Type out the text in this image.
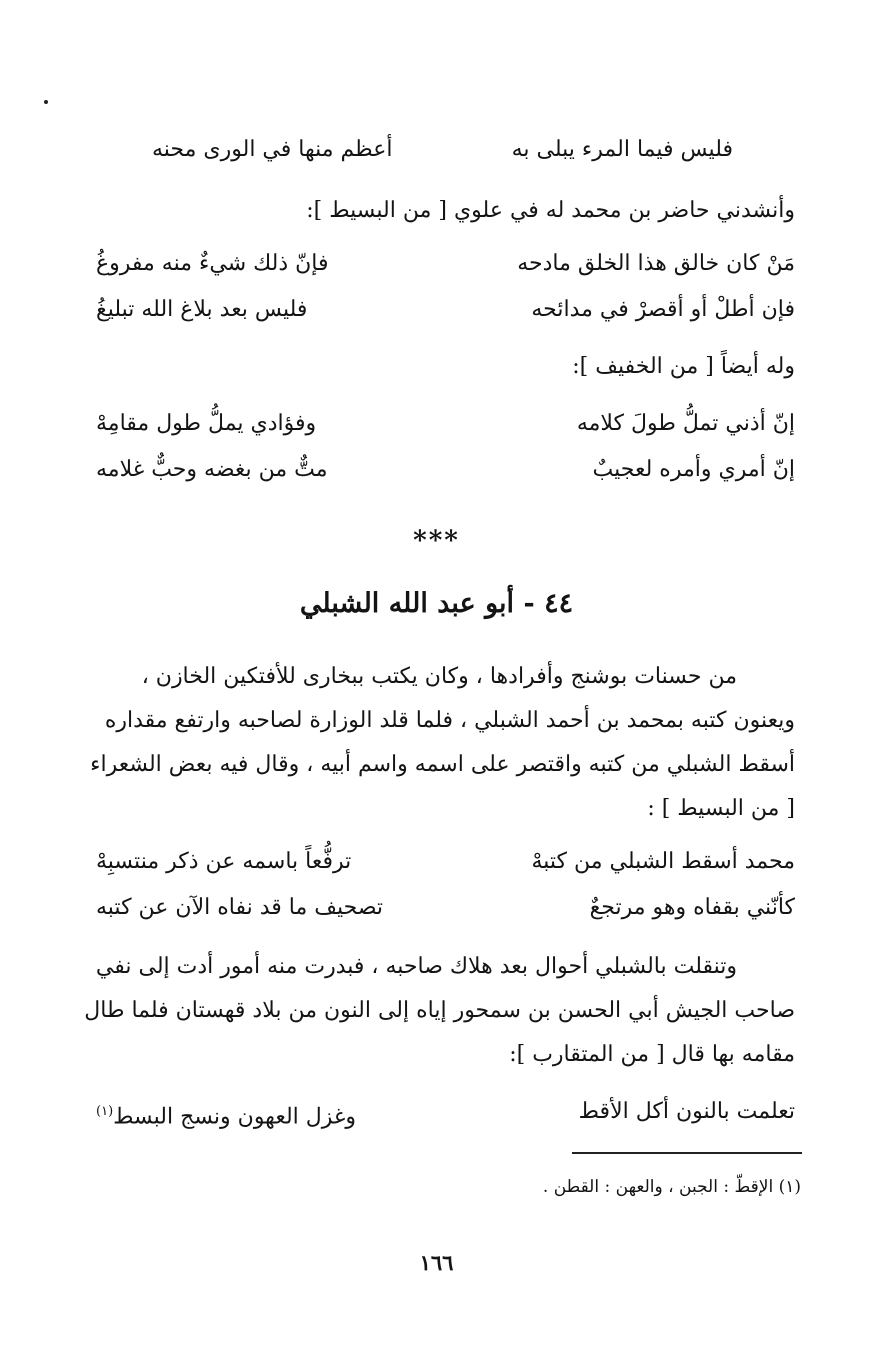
فليس فيما المرء يبلى به
أعظم منها في الورى محنه
وأنشدني حاضر بن محمد له في علوي [ من البسيط ]:
مَنْ كان خالق هذا الخلق مادحه
فإنّ ذلك شيءٌ منه مفروغُ
فإن أطلْ أو أقصرْ في مدائحه
فليس بعد بلاغ الله تبليغُ
وله أيضاً [ من الخفيف ]:
إنّ أذني تملُّ طولَ كلامه
وفؤادي يملُّ طول مقامِهْ
إنّ أمري وأمره لعجيبٌ
متٌّ من بغضه وحبٌّ غلامه
***
٤٤ - أبو عبد الله الشبلي
من حسنات بوشنج وأفرادها ، وكان يكتب ببخارى للأفتكين الخازن ،
ويعنون كتبه بمحمد بن أحمد الشبلي ، فلما قلد الوزارة لصاحبه وارتفع مقداره
أسقط الشبلي من كتبه واقتصر على اسمه واسم أبيه ، وقال فيه بعض الشعراء
[ من البسيط ] :
محمد أسقط الشبلي من كتبهْ
ترفُّعاً باسمه عن ذكر منتسبِهْ
كأنّني بقفاه وهو مرتجعٌ
تصحيف ما قد نفاه الآن عن كتبه
وتنقلت بالشبلي أحوال بعد هلاك صاحبه ، فبدرت منه أمور أدت إلى نفي
صاحب الجيش أبي الحسن بن سمحور إياه إلى النون من بلاد قهستان فلما طال
مقامه بها قال [ من المتقارب ]:
تعلمت بالنون أكل الأقط
وغزل العهون ونسج البسط$^{(١)}$
(١) الإقطّ : الجبن ، والعهن : القطن .
١٦٦
